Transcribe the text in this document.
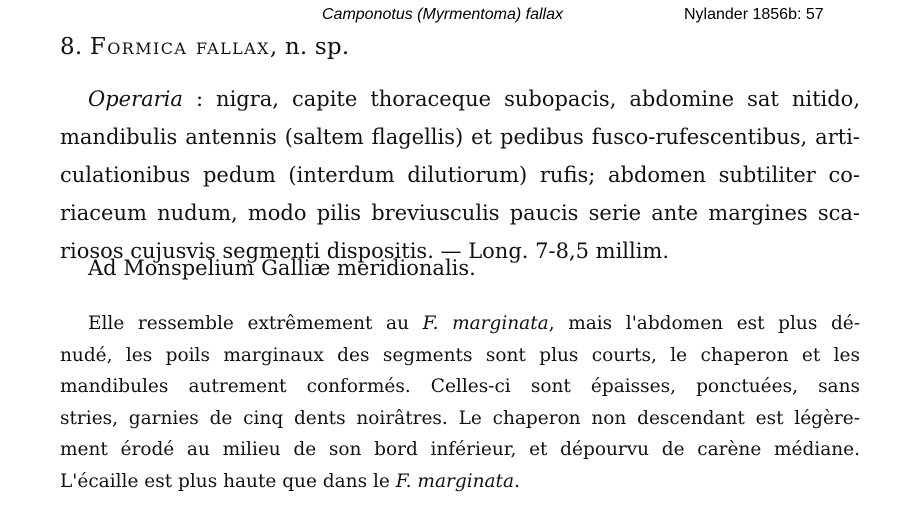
Camponotus (Myrmentoma) fallax	Nylander 1856b: 57
8. Formica fallax, n. sp.
Operaria : nigra, capite thoraceque subopacis, abdomine sat nitido,
mandibulis antennis (saltem flagellis) et pedibus fusco-rufescentibus, arti-
culationibus pedum (interdum dilutiorum) rufis; abdomen subtiliter co-
riaceum nudum, modo pilis breviusculis paucis serie ante margines sca-
riosos cujusvis segmenti dispositis. — Long. 7-8,5 millim.
Ad Monspelium Galliæ meridionalis.
Elle ressemble extrêmement au F. marginata, mais l'abdomen est plus dé-
nudé, les poils marginaux des segments sont plus courts, le chaperon et les
mandibules autrement conformés. Celles-ci sont épaisses, ponctuées, sans
stries, garnies de cinq dents noirâtres. Le chaperon non descendant est légère-
ment érodé au milieu de son bord inférieur, et dépourvu de carène médiane.
L'écaille est plus haute que dans le F. marginata.
